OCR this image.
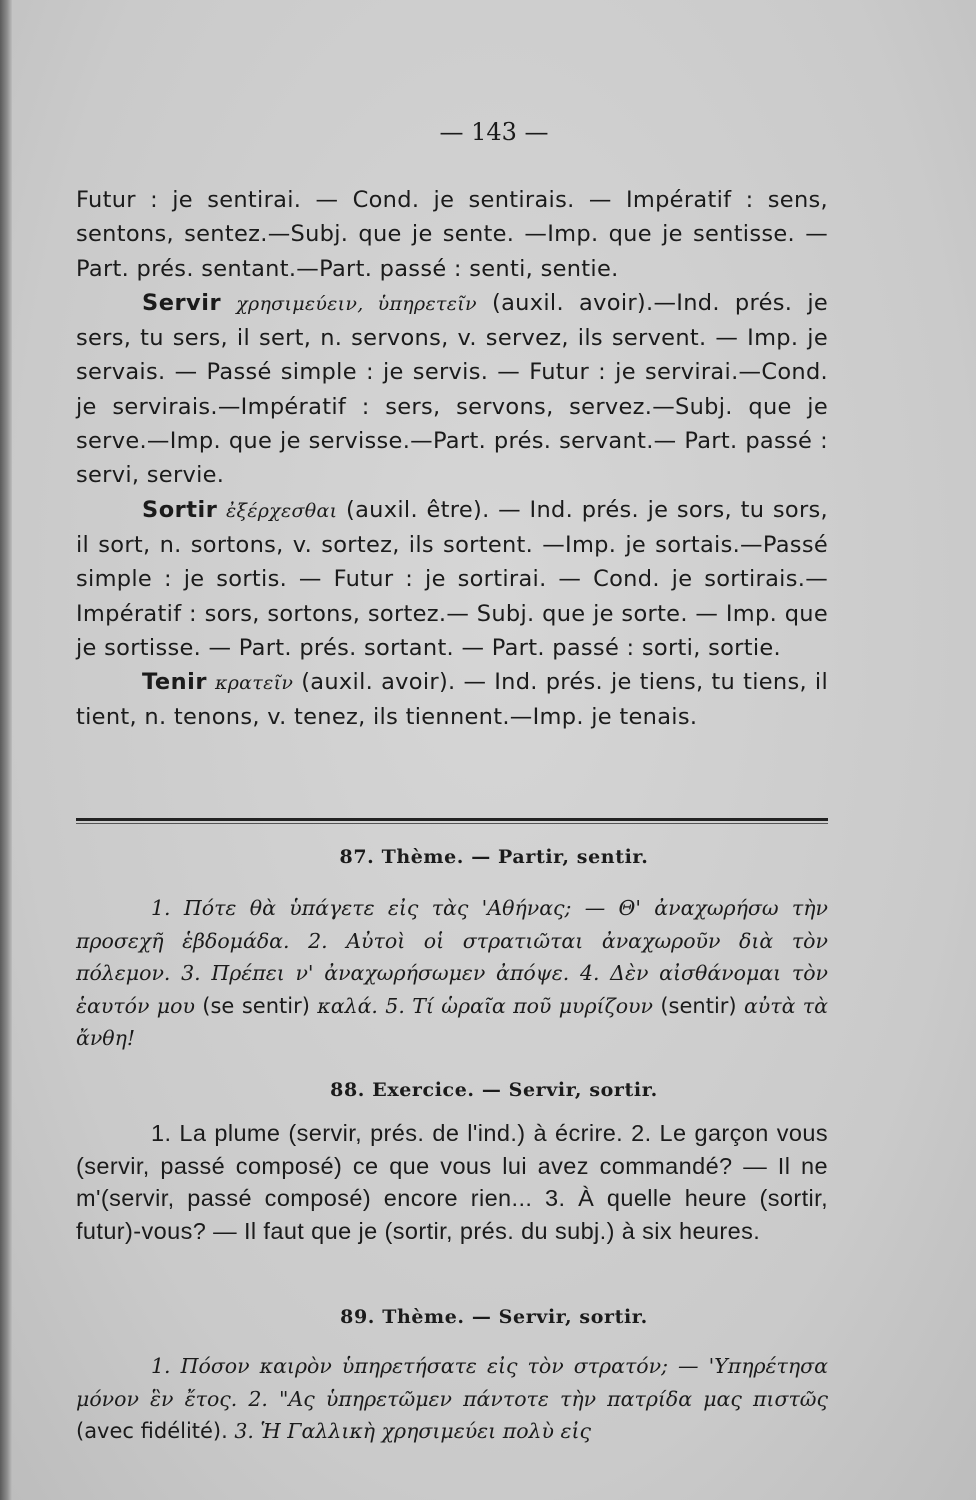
— 143 —

Futur : je sentirai. — Cond. je sentirais. — Impératif : sens, sentons, sentez.—Subj. que je sente. —Imp. que je sentisse. —Part. prés. sentant.—Part. passé : senti, sentie.

Servir χρησιμεύειν, ὑπηρετεῖν (auxil. avoir).—Ind. prés. je sers, tu sers, il sert, n. servons, v. servez, ils servent. — Imp. je servais. — Passé simple : je servis. — Futur : je servirai.—Cond. je servirais.—Impératif : sers, servons, servez.—Subj. que je serve.—Imp. que je servisse.—Part. prés. servant.— Part. passé : servi, servie.

Sortir ἐξέρχεσθαι (auxil. être). — Ind. prés. je sors, tu sors, il sort, n. sortons, v. sortez, ils sortent. —Imp. je sortais.—Passé simple : je sortis. — Futur : je sortirai. — Cond. je sortirais.—Impératif : sors, sortons, sortez.— Subj. que je sorte. — Imp. que je sortisse. — Part. prés. sortant. — Part. passé : sorti, sortie.

Tenir κρατεῖν (auxil. avoir). — Ind. prés. je tiens, tu tiens, il tient, n. tenons, v. tenez, ils tiennent.—Imp. je tenais.

87. Thème. — Partir, sentir.

1. Πότε θὰ ὑπάγετε εἰς τὰς 'Αθήνας; — Θ' ἀναχωρήσω τὴν προσεχῆ ἑβδομάδα. 2. Αὐτοὶ οἱ στρατιῶται ἀναχωροῦν διὰ τὸν πόλεμον. 3. Πρέπει ν' ἀναχωρήσωμεν ἀπόψε. 4. Δὲν αἰσθάνομαι τὸν ἑαυτόν μου (se sentir) καλά. 5. Τί ὡραῖα ποῦ μυρίζουν (sentir) αὐτὰ τὰ ἄνθη!

88. Exercice. — Servir, sortir.

1. La plume (servir, prés. de l'ind.) à écrire. 2. Le garçon vous (servir, passé composé) ce que vous lui avez commandé? — Il ne m'(servir, passé composé) encore rien... 3. À quelle heure (sortir, futur)-vous? — Il faut que je (sortir, prés. du subj.) à six heures.

89. Thème. — Servir, sortir.

1. Πόσον καιρὸν ὑπηρετήσατε εἰς τὸν στρατόν; — 'Υπηρέτησα μόνον ἓν ἔτος. 2. "Ας ὑπηρετῶμεν πάντοτε τὴν πατρίδα μας πιστῶς (avec fidélité). 3. Ἡ Γαλλικὴ χρησιμεύει πολὺ εἰς
